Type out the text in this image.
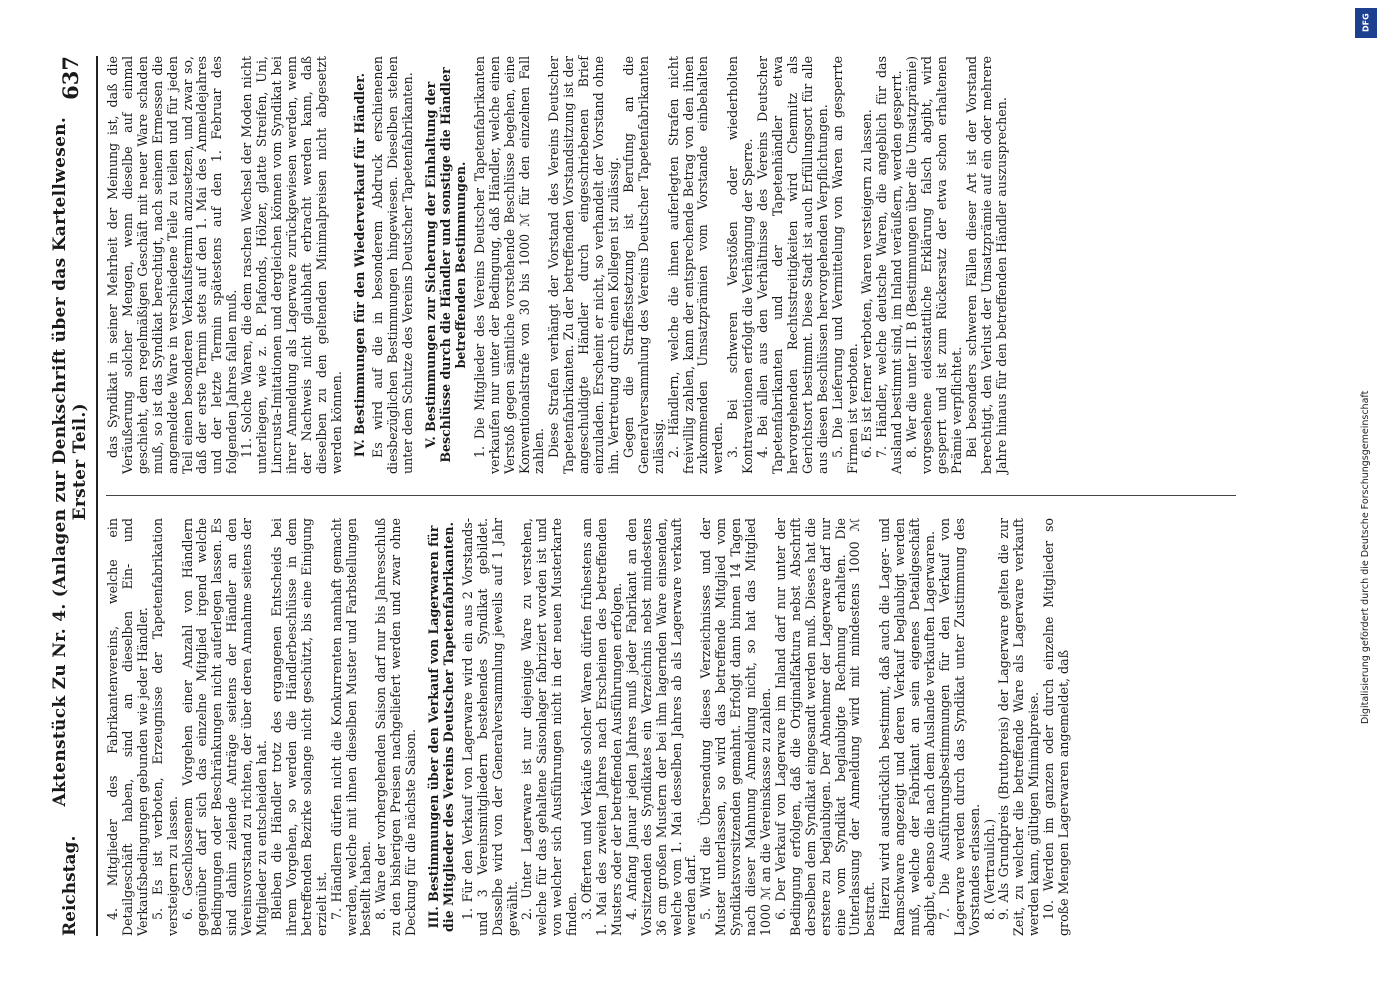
Reichstag.
Aktenstück Zu Nr. 4. (Anlagen zur Denkschrift über das Kartellwesen. Erster Teil.)
637

4. Mitglieder des Fabrikantenvereins, welche ein Detailgeschäft haben, sind an dieselben Ein- und Verkaufsbedingungen gebunden wie jeder Händler. 5. Es ist verboten, Erzeugnisse der Tapetenfabrikation versteigern zu lassen. 6. Geschlossenem Vorgehen einer Anzahl von Händlern gegenüber darf sich das einzelne Mitglied irgend welche Bedingungen oder Beschränkungen nicht auferlegen lassen. Es sind dahin zielende Anträge seitens der Händler an den Vereinsvorstand zu richten, der über deren Annahme seitens der Mitglieder zu entscheiden hat. Bleiben die Händler trotz des ergangenen Entscheids bei ihrem Vorgehen, so werden die Händlerbeschlüsse in dem betreffenden Bezirke solange nicht geschützt, bis eine Einigung erzielt ist. 7. Händlern dürfen nicht die Konkurrenten namhaft gemacht werden, welche mit ihnen dieselben Muster und Farbstellungen bestellt haben. 8. Ware der vorhergehenden Saison darf nur bis Jahresschluß zu den bisherigen Preisen nachgeliefert werden und zwar ohne Deckung für die nächste Saison. III. Bestimmungen über den Verkauf von Lagerwaren für die Mitglieder des Vereins Deutscher Tapetenfabrikanten. 1. Für den Verkauf von Lagerware wird ein aus 2 Vorstands- und 3 Vereinsmitgliedern bestehendes Syndikat gebildet. Dasselbe wird von der Generalversammlung jeweils auf 1 Jahr gewählt. 2. Unter Lagerware ist nur diejenige Ware zu verstehen, welche für das gehaltene Saisonlager fabriziert worden ist und von welcher sich Ausführungen nicht in der neuen Musterkarte finden. 3. Offerten und Verkäufe solcher Waren dürfen frühestens am 1. Mai des zweiten Jahres nach Erscheinen des betreffenden Musters oder der betreffenden Ausführungen erfolgen. 4. Anfang Januar jeden Jahres muß jeder Fabrikant an den Vorsitzenden des Syndikates ein Verzeichnis nebst mindestens 36 cm großen Mustern der bei ihm lagernden Ware einsenden, welche vom 1. Mai desselben Jahres ab als Lagerware verkauft werden darf. 5. Wird die Übersendung dieses Verzeichnisses und der Muster unterlassen, so wird das betreffende Mitglied vom Syndikatsvorsitzenden gemahnt. Erfolgt dann binnen 14 Tagen nach dieser Mahnung Anmeldung nicht, so hat das Mitglied 1000 ℳ an die Vereinskasse zu zahlen. 6. Der Verkauf von Lagerware im Inland darf nur unter der Bedingung erfolgen, daß die Originalfaktura nebst Abschrift derselben dem Syndikat eingesandt werden muß. Dieses hat die erstere zu beglaubigen. Der Abnehmer der Lagerware darf nur eine vom Syndikat beglaubigte Rechnung erhalten. Die Unterlassung der Anmeldung wird mit mindestens 1000 ℳ bestraft. Hierzu wird ausdrücklich bestimmt, daß auch die Lager- und Ramschware angezeigt und deren Verkauf beglaubigt werden muß, welche der Fabrikant an sein eigenes Detailgeschäft abgibt, ebenso die nach dem Auslande verkauften Lagerwaren. 7. Die Ausführungsbestimmungen für den Verkauf von Lagerware werden durch das Syndikat unter Zustimmung des Vorstandes erlassen. 8. (Vertraulich.) 9. Als Grundpreis (Bruttopreis) der Lagerware gelten die zur Zeit, zu welcher die betreffende Ware als Lagerware verkauft werden kann, gültigen Minimalpreise. 10. Werden im ganzen oder durch einzelne Mitglieder so große Mengen Lagerwaren angemeldet, daß

das Syndikat in seiner Mehrheit der Meinung ist, daß die Veräußerung solcher Mengen, wenn dieselbe auf einmal geschieht, dem regelmäßigen Geschäft mit neuer Ware schaden muß, so ist das Syndikat berechtigt, nach seinem Ermessen die angemeldete Ware in verschiedene Teile zu teilen und für jeden Teil einen besonderen Verkaufstermin anzusetzen, und zwar so, daß der erste Termin stets auf den 1. Mai des Anmeldejahres und der letzte Termin spätestens auf den 1. Februar des folgenden Jahres fallen muß. 11. Solche Waren, die dem raschen Wechsel der Moden nicht unterliegen, wie z. B. Plafonds, Hölzer, glatte Streifen, Uni, Lincrusta-Imitationen und dergleichen können vom Syndikat bei ihrer Anmeldung als Lagerware zurückgewiesen werden, wenn der Nachweis nicht glaubhaft erbracht werden kann, daß dieselben zu den geltenden Minimalpreisen nicht abgesetzt werden können. IV. Bestimmungen für den Wiederverkauf für Händler. Es wird auf die in besonderem Abdruck erschienenen diesbezüglichen Bestimmungen hingewiesen. Dieselben stehen unter dem Schutze des Vereins Deutscher Tapetenfabrikanten. V. Bestimmungen zur Sicherung der Einhaltung der Beschlüsse durch die Händler und sonstige die Händler betreffenden Bestimmungen. 1. Die Mitglieder des Vereins Deutscher Tapetenfabrikanten verkaufen nur unter der Bedingung, daß Händler, welche einen Verstoß gegen sämtliche vorstehende Beschlüsse begehen, eine Konventionalstrafe von 30 bis 1000 ℳ für den einzelnen Fall zahlen. Diese Strafen verhängt der Vorstand des Vereins Deutscher Tapetenfabrikanten. Zu der betreffenden Vorstandsitzung ist der angeschuldigte Händler durch eingeschriebenen Brief einzuladen. Erscheint er nicht, so verhandelt der Vorstand ohne ihn. Vertretung durch einen Kollegen ist zulässig. Gegen die Straffestsetzung ist Berufung an die Generalversammlung des Vereins Deutscher Tapetenfabrikanten zulässig. 2. Händlern, welche die ihnen auferlegten Strafen nicht freiwillig zahlen, kann der entsprechende Betrag von den ihnen zukommenden Umsatzprämien vom Vorstande einbehalten werden. 3. Bei schweren Verstößen oder wiederholten Kontraventionen erfolgt die Verhängung der Sperre. 4. Bei allen aus den Verhältnisse des Vereins Deutscher Tapetenfabrikanten und der Tapetenhändler etwa hervorgehenden Rechtsstreitigkeiten wird Chemnitz als Gerichtsort bestimmt. Diese Stadt ist auch Erfüllungsort für alle aus diesen Beschlüssen hervorgehenden Verpflichtungen. 5. Die Lieferung und Vermittelung von Waren an gesperrte Firmen ist verboten. 6. Es ist ferner verboten, Waren versteigern zu lassen. 7. Händler, welche deutsche Waren, die angeblich für das Ausland bestimmt sind, im Inland veräußern, werden gesperrt. 8. Wer die unter II. B (Bestimmungen über die Umsatzprämie) vorgesehene eidesstattliche Erklärung falsch abgibt, wird gesperrt und ist zum Rückersatz der etwa schon erhaltenen Prämie verpflichtet. Bei besonders schweren Fällen dieser Art ist der Vorstand berechtigt, den Verlust der Umsatzprämie auf ein oder mehrere Jahre hinaus für den betreffenden Händler auszusprechen.

DFG
Digitalisierung gefördert durch die Deutsche Forschungsgemeinschaft
